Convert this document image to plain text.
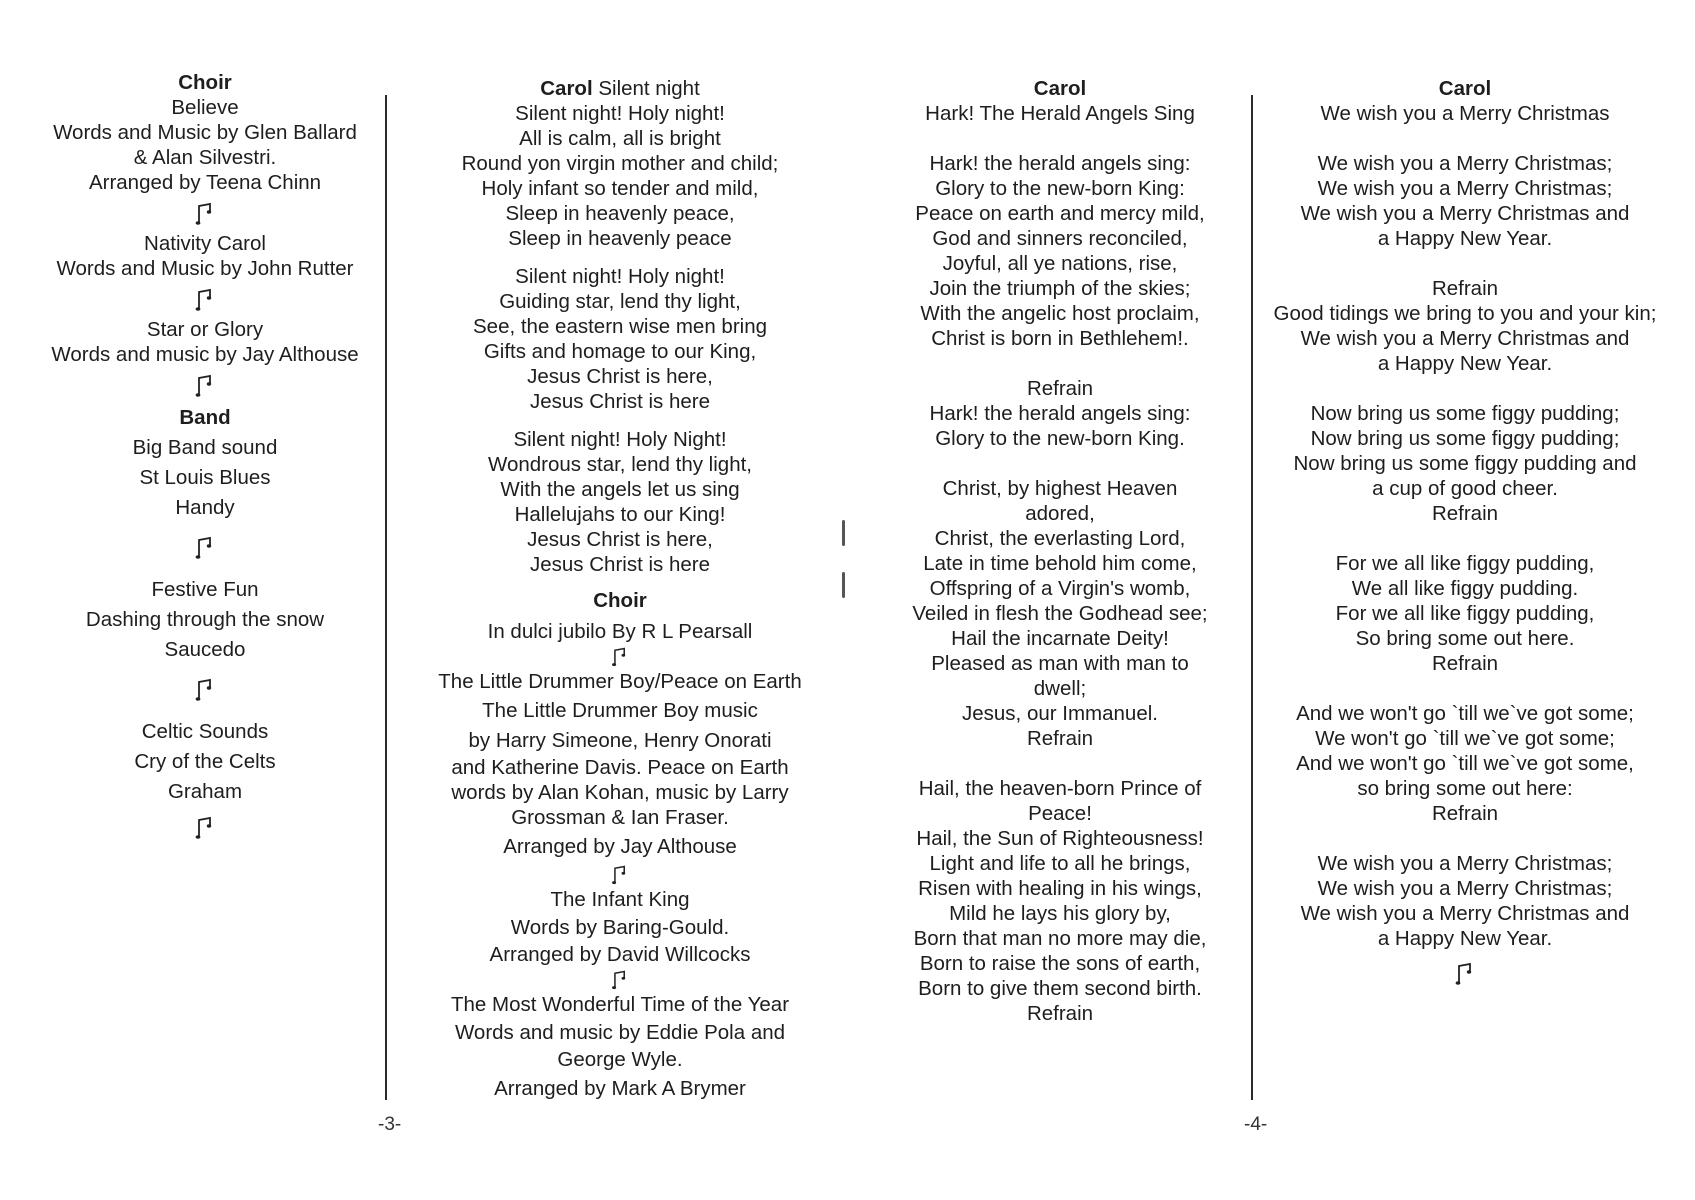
Choir
Believe
Words and Music by Glen Ballard
& Alan Silvestri.
Arranged by Teena Chinn
Nativity Carol
Words and Music by John Rutter
Star or Glory
Words and music by Jay Althouse
Band
Big Band sound
St Louis Blues
Handy
Festive Fun
Dashing through the snow
Saucedo
Celtic Sounds
Cry of the Celts
Graham
Carol Silent night
Silent night! Holy night!
All is calm, all is bright
Round yon virgin mother and child;
Holy infant so tender and mild,
Sleep in heavenly peace,
Sleep in heavenly peace
Silent night! Holy night!
Guiding star, lend thy light,
See, the eastern wise men bring
Gifts and homage to our King,
Jesus Christ is here,
Jesus Christ is here
Silent night! Holy Night!
Wondrous star, lend thy light,
With the angels let us sing
Hallelujahs to our King!
Jesus Christ is here,
Jesus Christ is here
Choir
In dulci jubilo By R L Pearsall
The Little Drummer Boy/Peace on Earth
The Little Drummer Boy music
by Harry Simeone, Henry Onorati
and Katherine Davis. Peace on Earth
words by Alan Kohan, music by Larry
Grossman & Ian Fraser.
Arranged by Jay Althouse
The Infant King
Words by Baring-Gould.
Arranged by David Willcocks
The Most Wonderful Time of the Year
Words and music by Eddie Pola and
George Wyle.
Arranged by Mark A Brymer
-3-
Carol
Hark! The Herald Angels Sing
Hark! the herald angels sing:
Glory to the new-born King:
Peace on earth and mercy mild,
God and sinners reconciled,
Joyful, all ye nations, rise,
Join the triumph of the skies;
With the angelic host proclaim,
Christ is born in Bethlehem!.
Refrain
Hark! the herald angels sing:
Glory to the new-born King.
Christ, by highest Heaven
adored,
Christ, the everlasting Lord,
Late in time behold him come,
Offspring of a Virgin's womb,
Veiled in flesh the Godhead see;
Hail the incarnate Deity!
Pleased as man with man to
dwell;
Jesus, our Immanuel.
Refrain
Hail, the heaven-born Prince of
Peace!
Hail, the Sun of Righteousness!
Light and life to all he brings,
Risen with healing in his wings,
Mild he lays his glory by,
Born that man no more may die,
Born to raise the sons of earth,
Born to give them second birth.
Refrain
-4-
Carol
We wish you a Merry Christmas
We wish you a Merry Christmas;
We wish you a Merry Christmas;
We wish you a Merry Christmas and
a Happy New Year.
Refrain
Good tidings we bring to you and your kin;
We wish you a Merry Christmas and
a Happy New Year.
Now bring us some figgy pudding;
Now bring us some figgy pudding;
Now bring us some figgy pudding and
a cup of good cheer.
Refrain
For we all like figgy pudding,
We all like figgy pudding.
For we all like figgy pudding,
So bring some out here.
Refrain
And we won't go `till we`ve got some;
We won't go `till we`ve got some;
And we won't go `till we`ve got some,
so bring some out here:
Refrain
We wish you a Merry Christmas;
We wish you a Merry Christmas;
We wish you a Merry Christmas and
a Happy New Year.
